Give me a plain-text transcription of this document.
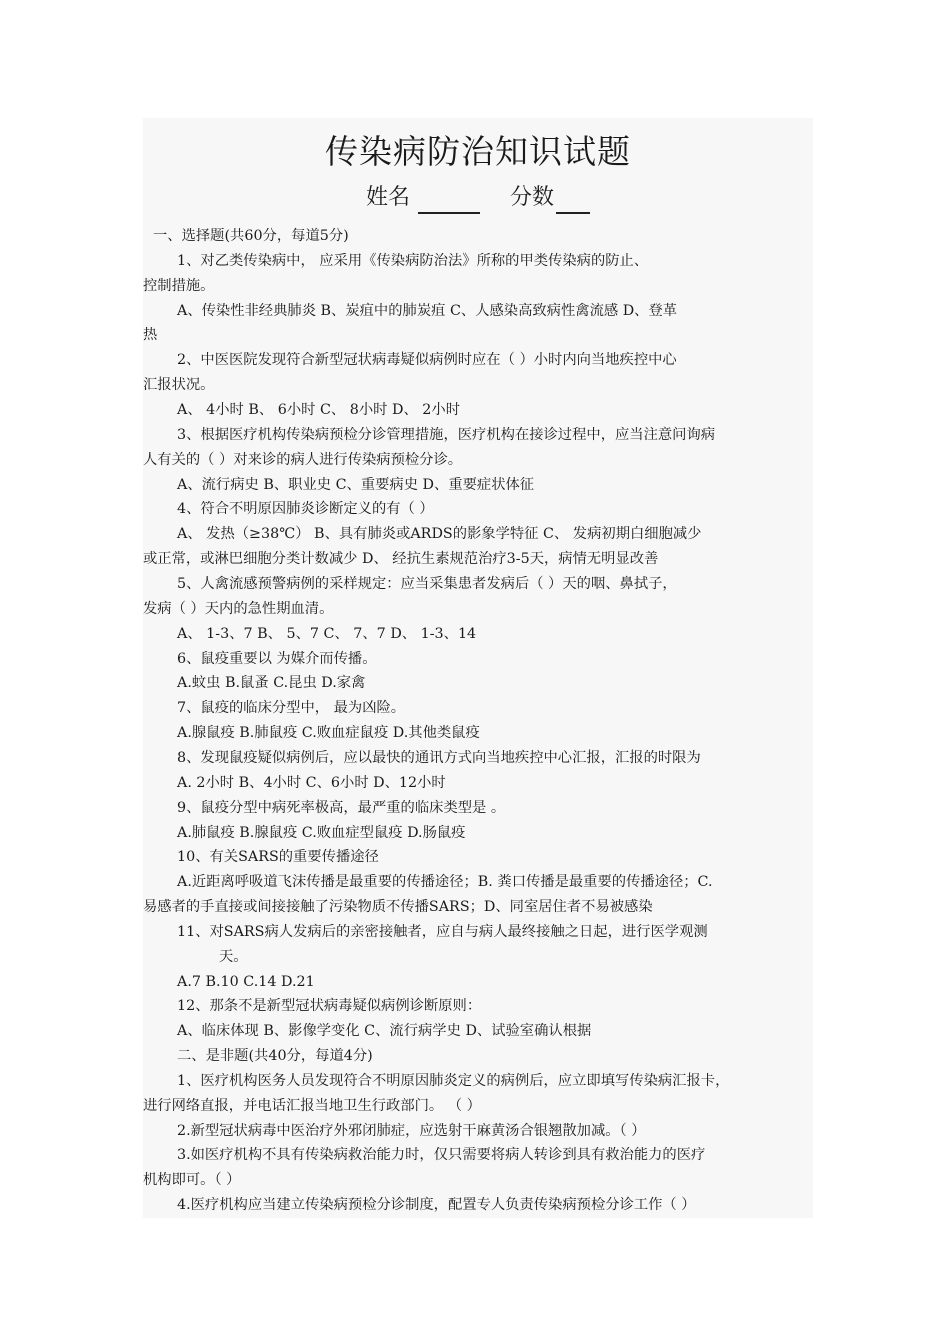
传染病防治知识试题
姓名	分数
一、选择题(共60分，每道5分)
1、对乙类传染病中， 应采用《传染病防治法》所称的甲类传染病的防止、
控制措施。
A、传染性非经典肺炎 B、炭疽中的肺炭疽 C、人感染高致病性禽流感 D、登革
热
2、中医医院发现符合新型冠状病毒疑似病例时应在（ ）小时内向当地疾控中心
汇报状况。
A、 4小时 B、 6小时 C、 8小时 D、 2小时
3、根据医疗机构传染病预检分诊管理措施，医疗机构在接诊过程中，应当注意问询病
人有关的（ ）对来诊的病人进行传染病预检分诊。
A、流行病史 B、职业史 C、重要病史 D、重要症状体征
4、符合不明原因肺炎诊断定义的有（ ）
A、 发热（≥38℃） B、具有肺炎或ARDS的影象学特征 C、 发病初期白细胞减少
或正常，或淋巴细胞分类计数减少 D、 经抗生素规范治疗3-5天，病情无明显改善
5、人禽流感预警病例的采样规定：应当采集患者发病后（ ）天的咽、鼻拭子，
发病（ ）天内的急性期血清。
A、 1-3、7 B、 5、7 C、 7、7 D、 1-3、14
6、鼠疫重要以 为媒介而传播。
A.蚊虫 B.鼠蚤 C.昆虫 D.家禽
7、鼠疫的临床分型中， 最为凶险。
A.腺鼠疫 B.肺鼠疫 C.败血症鼠疫 D.其他类鼠疫
8、发现鼠疫疑似病例后，应以最快的通讯方式向当地疾控中心汇报，汇报的时限为
A. 2小时 B、4小时 C、6小时 D、12小时
9、鼠疫分型中病死率极高，最严重的临床类型是 。
A.肺鼠疫 B.腺鼠疫 C.败血症型鼠疫 D.肠鼠疫
10、有关SARS的重要传播途径
A.近距离呼吸道飞沫传播是最重要的传播途径；B. 粪口传播是最重要的传播途径；C.
易感者的手直接或间接接触了污染物质不传播SARS；D、同室居住者不易被感染
11、对SARS病人发病后的亲密接触者，应自与病人最终接触之日起，进行医学观测
天。
A.7 B.10 C.14 D.21
12、那条不是新型冠状病毒疑似病例诊断原则：
A、临床体现 B、影像学变化 C、流行病学史 D、试验室确认根据
二、是非题(共40分，每道4分)
1、医疗机构医务人员发现符合不明原因肺炎定义的病例后，应立即填写传染病汇报卡，
进行网络直报，并电话汇报当地卫生行政部门。 （ ）
2.新型冠状病毒中医治疗外邪闭肺症，应选射干麻黄汤合银翘散加减。（ ）
3.如医疗机构不具有传染病救治能力时，仅只需要将病人转诊到具有救治能力的医疗
机构即可。（ ）
4.医疗机构应当建立传染病预检分诊制度，配置专人负责传染病预检分诊工作（ ）
